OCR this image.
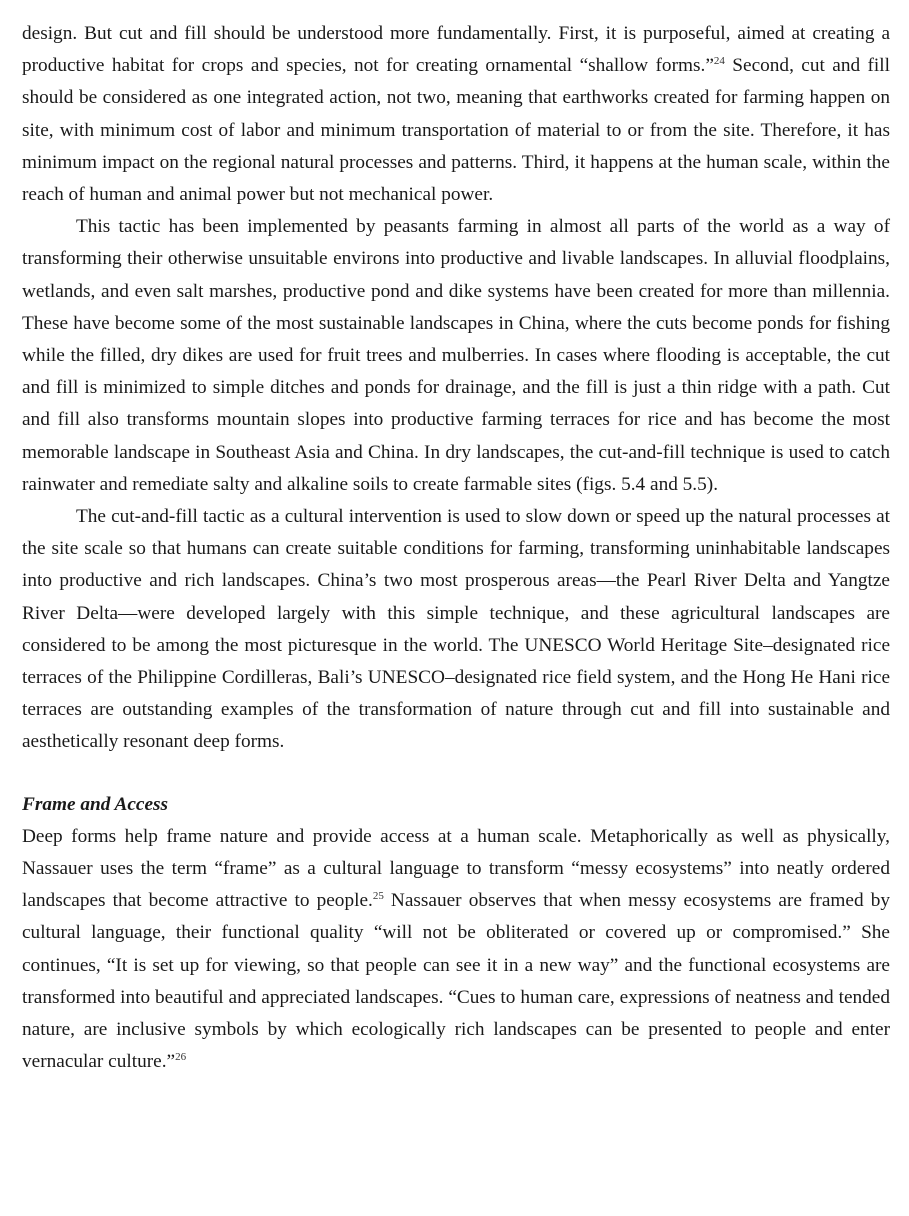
design. But cut and fill should be understood more fundamentally. First, it is purposeful, aimed at creating a productive habitat for crops and species, not for creating ornamental “shallow forms.”$^{24}$ Second, cut and fill should be considered as one integrated action, not two, meaning that earthworks created for farming happen on site, with minimum cost of labor and minimum transportation of material to or from the site. Therefore, it has minimum impact on the regional natural processes and patterns. Third, it happens at the human scale, within the reach of human and animal power but not mechanical power.

This tactic has been implemented by peasants farming in almost all parts of the world as a way of transforming their otherwise unsuitable environs into productive and livable landscapes. In alluvial floodplains, wetlands, and even salt marshes, productive pond and dike systems have been created for more than millennia. These have become some of the most sustainable landscapes in China, where the cuts become ponds for fishing while the filled, dry dikes are used for fruit trees and mulberries. In cases where flooding is acceptable, the cut and fill is minimized to simple ditches and ponds for drainage, and the fill is just a thin ridge with a path. Cut and fill also transforms mountain slopes into productive farming terraces for rice and has become the most memorable landscape in Southeast Asia and China. In dry landscapes, the cut-and-fill technique is used to catch rainwater and remediate salty and alkaline soils to create farmable sites (figs. 5.4 and 5.5).

The cut-and-fill tactic as a cultural intervention is used to slow down or speed up the natural processes at the site scale so that humans can create suitable conditions for farming, transforming uninhabitable landscapes into productive and rich landscapes. China’s two most prosperous areas—the Pearl River Delta and Yangtze River Delta—were developed largely with this simple technique, and these agricultural landscapes are considered to be among the most picturesque in the world. The UNESCO World Heritage Site–designated rice terraces of the Philippine Cordilleras, Bali’s UNESCO–designated rice field system, and the Hong He Hani rice terraces are outstanding examples of the transformation of nature through cut and fill into sustainable and aesthetically resonant deep forms.

Frame and Access

Deep forms help frame nature and provide access at a human scale. Metaphorically as well as physically, Nassauer uses the term “frame” as a cultural language to transform “messy ecosystems” into neatly ordered landscapes that become attractive to people.$^{25}$ Nassauer observes that when messy ecosystems are framed by cultural language, their functional quality “will not be obliterated or covered up or compromised.” She continues, “It is set up for viewing, so that people can see it in a new way” and the functional ecosystems are transformed into beautiful and appreciated landscapes. “Cues to human care, expressions of neatness and tended nature, are inclusive symbols by which ecologically rich landscapes can be presented to people and enter vernacular culture.”$^{26}$
